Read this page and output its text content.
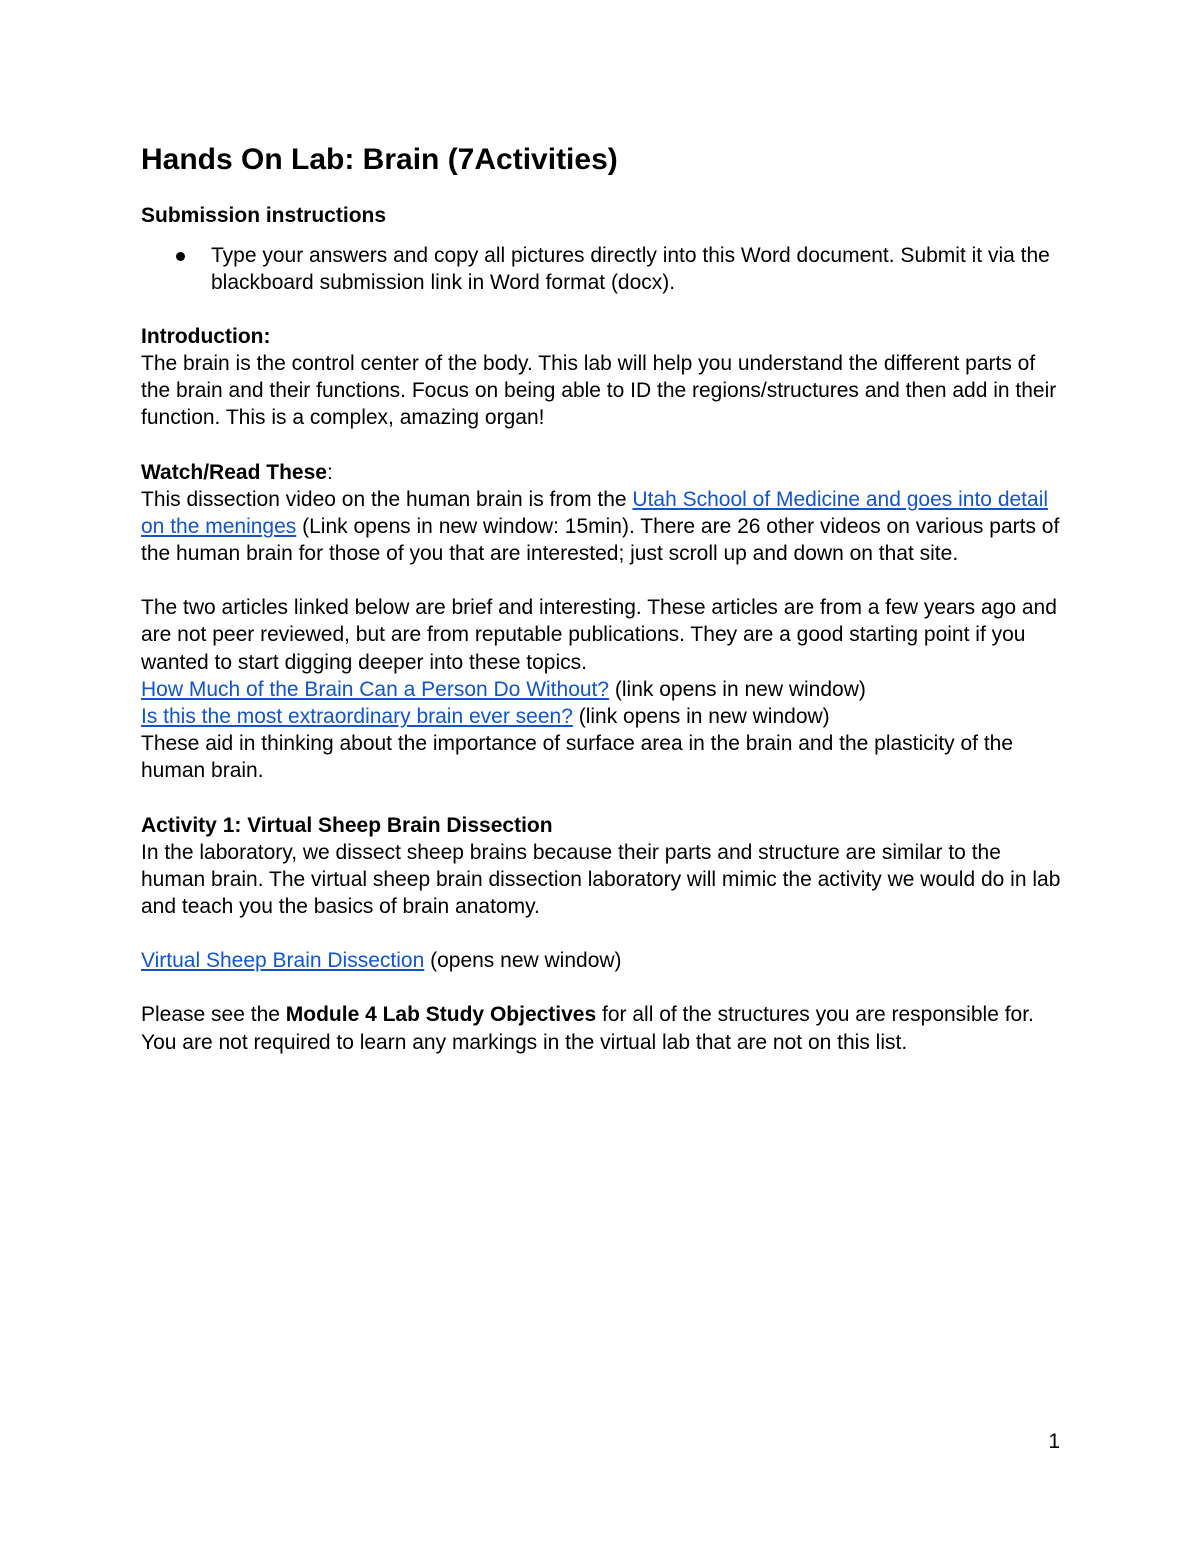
Hands On Lab: Brain (7Activities)
Submission instructions
Type your answers and copy all pictures directly into this Word document. Submit it via the blackboard submission link in Word format (docx).
Introduction:

The brain is the control center of the body. This lab will help you understand the different parts of the brain and their functions. Focus on being able to ID the regions/structures and then add in their function. This is a complex, amazing organ!

Watch/Read These:

This dissection video on the human brain is from the Utah School of Medicine and goes into detail on the meninges (Link opens in new window: 15min). There are 26 other videos on various parts of the human brain for those of you that are interested; just scroll up and down on that site.

The two articles linked below are brief and interesting. These articles are from a few years ago and are not peer reviewed, but are from reputable publications. They are a good starting point if you wanted to start digging deeper into these topics.

How Much of the Brain Can a Person Do Without? (link opens in new window)

Is this the most extraordinary brain ever seen? (link opens in new window)

These aid in thinking about the importance of surface area in the brain and the plasticity of the human brain.

Activity 1: Virtual Sheep Brain Dissection

In the laboratory, we dissect sheep brains because their parts and structure are similar to the human brain. The virtual sheep brain dissection laboratory will mimic the activity we would do in lab and teach you the basics of brain anatomy.

Virtual Sheep Brain Dissection (opens new window)

Please see the Module 4 Lab Study Objectives for all of the structures you are responsible for. You are not required to learn any markings in the virtual lab that are not on this list.

1
